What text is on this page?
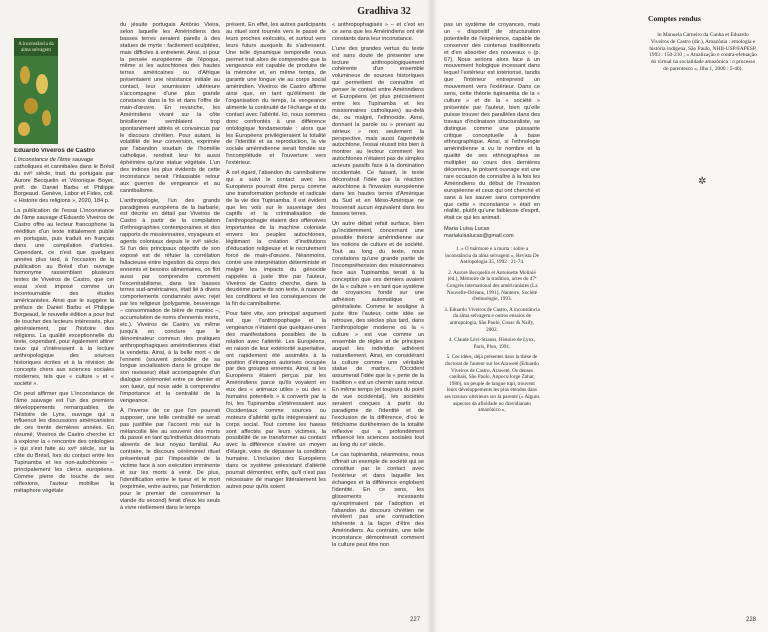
Gradhiva 32
A inconstância da alma selvagem
Eduardo Viveiros de Castro

L'inconstance de l'âme sauvage

catholiques et cannibales dans le Brésil du xviᵉ siècle, trad. du portugais par Aurore Becquelin et Véronique Boyer, préf. de Daniel Barbu et Philippe Borgeaud. Genève, Labor et Fides, coll. « Histoire des religions », 2020, 184 p.

La publication de l'essai L'inconstance de l'âme sauvage d'Eduardo Viveiros de Castro offre au lecteur francophone la rééditiun d'un texte initialement publié en portugais, puis traduit en français dans une compilation d'articles. Cependant, ce n'est que quelques années plus tard, à l'occasion de la publication au Brésil d'un ouvrage homonyme rassemblant plusieurs textes de Viveiros de Castro, que cet essai s'est imposé comme un incontournable des études américanistes. Ainsi que le suggère la préface de Daniel Barbu et Philippe Borgeaud, le nouvelle édition a pour but de toucher des lecteurs intéressés, plus généralement, par l'histoire des religions. La qualité exceptionnelle du texte, cependant, pour également attirer ceux qui s'intéressent à la lecture anthropologique des sources historiques écrites et à la révision de concepts chers aux sciences sociales modernes, tels que « culture » et « société ».

On peut affirmer que L'inconstance de l'âme sauvage est l'un des premiers développements remarquables de l'Histoire de Lynx, ouvrage qui a influencé les discussions américanistes de ces trente dernières années. En résumé, Viveiros de Castro cherche ici à explorer la « rencontre des ontologies » qui s'est faite au xviᵉ siècle, sur la côte du Brésil, lors du contact entre les Tupinamba et les non-autochtones – principalement les clercs européens. Comme pierre de touche de ses réflexions, l'auteur mobilise la métaphore végétale

du jésuite portugais António Vieira, selon laquelle les Amérindiens des basses terres seraient pareils à des statues de myrte : facilement sculptées, mais difficiles à entretenir. Ainsi, si pour la pensée européenne de l'époque, même si les autochtones des hautes terres américaines ou d'Afrique présentaient une résistance initiale au contact, leur soumission ultérieure s'accompagne d'une plus grande constance dans la foi et dans l'offre de main-d'œuvre. En revanche, les Amérindiens vivant sur la côte brésilienne semblaient trop spontanément attirés et convaincus par le discours chrétien. Pour autant, la volatilité de leur conversion, exprimée par l'abandon soudain de l'homélie catholique, rendrait leur foi aussi éphémère qu'une statue végétale. L'un des indices les plus évidents de cette inconstance serait l'inlassable retour aux guerres de vengeance et au cannibalisme.

L'anthropologie, l'un des grands paradigmes européens de la barbarie, est décrite en détail par Viveiros de Castro à partir de la compilation d'ethnographies contemporaines et des rapports de missionnaires, voyageurs et agents coloniaux depuis le xviᵉ siècle. Si l'un des principaux objectifs de son exposé est de réfuter la corrélation fallacieuse entre ingestion du corps des ennemis et besoins alimentaires, on flirt aussi par comprendre comment l'excentrabilisme, dans les basses terres sud-américaines, était lié à divers comportements condamnés avec rejet par les religieux (polygamie, beuverage – consommation de bière de manioc –, accumulation de noms d'ennemis morts, etc.). Viveiros de Castro va même jusqu'à en conclure que le dénominateur commun des pratiques anthropophagiques amérindiennes était la vendetta. Ainsi, à la belle mort « de l'ennemi (souvent précédée de sa longue socialisation dans le groupe de son ravisseur) était accompagnée d'un dialogue cérémoniel entre ce dernier et son tueur, qui nous aide à comprendre l'importance et la centralité de la vengeance.

À l'inverse de ce que l'on pourrait supposer, une telle centralité ne serait pas justifiée par l'accent mis sur la mélancolie liée au souvenir des morts du passé en tant qu'individus désormais absents de leur noyau familial. Au contraire, le discours cérémoniel rituel présenterait par l'impossible de la victime face à son exécution imminente et sur les morts à venir. De plus, l'identification entre le tueur et le mort (exprimée, entre autres, par l'interdiction pour le premier de consommer la viande du second) ferait d'eux les seuls à vivre réellement dans le temps

présent. En effet, les autres participants au rituel sont tournés vers le passé de leurs proches exécutés, et surtout vers leurs futurs auxquels ils s'adressent. Une telle dynamique temporelle nous permet trait alors de comprendre que la vengeance est capable de produire de la mémoire et, en même temps, de garantir une longue vie au corps social amérindien. Viveiros de Castro affirme ainsi que, en tant qu'élément de l'organisation du temps, la vengeance alimente la continuité de l'échange et du contact avec l'altérité. Ici, nous sommes donc confrontés à une différence ontologique fondamentale : alors que les Européens privilégieraient la totalité de l'identité et sa reproduction, la vie sociale amérindienne serait fondée sur l'incomplétude et l'ouverture vers l'extérieur.

À cet égard, l'abandon du cannibalisme qui a suivi le contact avec les Européens pourrait être perçu comme une transformation profonde et radicale de la vie des Tupinamba. Il est évident que les vols sur le sauvetage des captifs et la criminalisation de l'anthropophagie étaient des offensives importantes de la machine coloniale envers les peuples autochtones, légitimant la création d'institutions d'éducation religieuse et le recrutement forcé de main-d'œuvre. Néanmoins, contre une interprétation déterministe et malgré les impacts du génocide rappelés à juste titre par l'auteur, Viveiros de Castro cherche, dans la deuxième partie de son texte, à nuancer les conditions et les conséquences de la fin du cannibalisme.

Pour faire vite, son principal argument est que l'anthropophagie et la vengeance n'étaient que quelques-unes des manifestations possibles de la relation avec l'altérité. Les Européens, en raison de leur extériorité superlative, ont rapidement été assimilés à la position d'étrangers autorisés occupée par des groupes ennemis. Ainsi, si les Européens étaient perçus par les Amérindiens parce qu'ils voyaient en eux des « animaux utiles » ou des « humains potentiels » à convertir par la foi, les Tupinamba s'intéressaient aux Occidentaux comme sources ou moteurs d'altérité qu'ils intégreraient au corps social. Tout comme les hawas sont affectés par leurs victimes, la possibilité de se transformer au contact avec la différence s'avère un moyen d'élargir, voire de dépasser la condition humaine. L'inclusion des Européens dans ce système préexistant d'altérité pourrait démontrer, enfin, qu'il n'est pas nécessaire de manger littéralement les autres pour qu'ils soient

« anthropophagisés » – et c'est en ce sens que les Amérindiens ont été constants dans leur inconstance.

L'une des grandes vertus du texte est sans doute de présenter une lecture anthropologiquement cohérente d'un ensemble volumineux de sources historiques qui permettent de connaître et penser le contact entre Amérindiens et Européens (et plus précisément entre les Tupinamba et les missionnaires catholiques) au-delà de, ou malgré, l'ethnocide. Ainsi, donnant la parole ou » prenant au sérieux » non seulement la perspective, mais aussi l'agentivité autochtone, l'essai réussit très bien à montrer au lecteur comment les autochtones n'étaient pas de simples acteurs passifs face à la domination occidentale. Ce faisant, le texte déconstruit l'idée que la réaction autochtone à l'invasion européenne dans les hautes terres d'Amérique du Sud et en Méso-Amérique ne trouverait aucun équivalent dans les basses terres.

Un autre débat refait surface, bien qu'incidemment, concernant une possible théorie amérindienne sur les notions de culture et de société. Tout au long du texte, nous constatons qu'une grande partie de l'incompréhension des missionnaires face aux Tupinamba tenait à la conception que ces derniers avaient de la « culture » en tant que système de croyances fondé sur une adhésion automatique et généralisée. Comme le souligne à juste titre l'auteur, cette idée se retrouve, des siècles plus tard, dans l'anthropologie moderne où la « culture » est vue comme un ensemble de règles et de principes auquel les individus adhèrent naturellement. Ainsi, en considérant la culture comme une véritable statue de marbre, l'Occident assumerait l'idée que la « perte de la tradition » est un chemin sans retour. En même temps (et toujours du point de vue occidental), les sociétés seraient conçues à partir du paradigme de l'identité et de l'exclusion de la différence, d'où le fétichisme durkheimien de la totalité réflexive qui a profondément influencé les sciences sociales tout au long du xxᵉ siècle.

Le cas tupinambá, néanmoins, nous offrirait un exemple de société qui se constitue par le contact avec l'extérieur et dans laquelle les échanges et la différence englobent l'identité. En ce sens, les glissements incessants qu'exprimaient par l'adoption et l'abandon du discours chrétien ne révèlent pas une contradiction inhérente à la façon d'être des Amérindiens. Au contraire, une telle inconstance démontrerait comment la culture peut être non

pas un système de croyances, mais un « dispositif de structuration potentielle de l'expérience, capable de conserver des contenus traditionnels et d'en absorber des nouveaux » (p. 67). Nous serions alors face à un mouvement hologique incessant dans lequel l'extérieur est intériorisé, tandis que l'intérieur entreprend un mouvement vers l'extérieur. Dans ce sens, cette théorie tupinamba de la « culture » et de la « société » présentée par l'auteur, bien qu'elle puisse trouver des parallèles dans des travaux d'inclinaison structuraliste, se distingue comme une puissante critique conceptuelle à base ethnographique. Ainsi, si l'ethnologie amérindienne a vu le nombre et la qualité de ses ethnographies se multiplier au cours des dernières décennies, le présent ouvrage est une rare occasion de connaître à la fois les Amérindiens du début de l'invasion européenne et ceux qui ont cherché et sans à les sauver sans comprendre que cette « inconstance » était en réalité, plutôt qu'une faiblesse d'esprit, était ce qui les animait.

Maria Luisa Lucas
marialuisalucas@gmail.com
1. « O mármore e a murta : sobre a inconstância da alma selvagem », Revista De Antropologia 35, 1992 : 21-74.
2. Aurore Becquelin et Antoinette Molinié (éd.), Mémoire de la tradition, actes du 47ᵉ Congrès international des américanistes (La Nouvelle-Orléans, 1991), Nanterre, Société d'ethnologie, 1993.
3. Eduardo Viveiros de Castro, A inconstância da alma selvagem e outros ensaios de antropologia, São Paulo, Cosac & Naify, 2002.
4. Claude Lévi-Strauss, Histoire de Lynx, Paris, Plon, 1991.
5. Ces idées, déjà présentes dans la thèse de doctorat de l'auteur sur les Araweté (Eduardo Viveiros de Castro, Araweté. Os deuses canibais, São Paulo, Anpocs/Jorge Zahar, 1986), un peuple de langue tupi, trouvent leurs développements les plus étendus dans ses travaux ultérieurs sur la parenté (« Alguns aspectos da afinidade no dravidianato amazônico »,
Comptes rendus
in Manuela Carneiro da Cunha et Eduardo Viveiros de Castro (dir.), Amazônia : etnologia e história indígena, São Paulo, NHII-USP/FAPESP, 1993 : 150-210 ; « Atualização e contra-efetuação do virtual na socialidade amazônica : o processo do parentesco », Ilha 1, 2000 : 5-46).
✲
227	228
